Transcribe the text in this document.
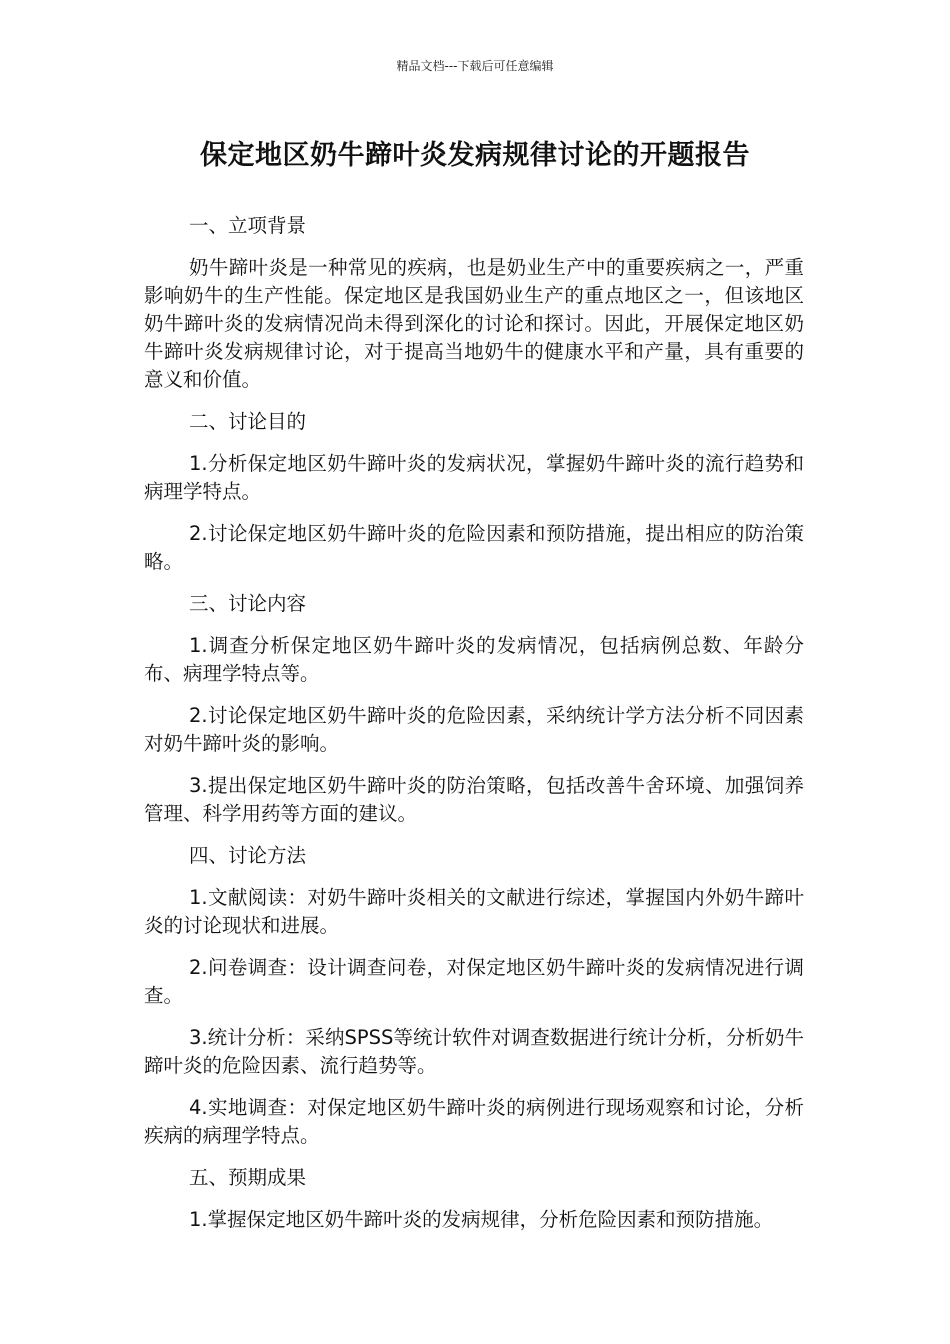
精品文档---下载后可任意编辑
保定地区奶牛蹄叶炎发病规律讨论的开题报告

一、立项背景

奶牛蹄叶炎是一种常见的疾病，也是奶业生产中的重要疾病之一，严重影响奶牛的生产性能。保定地区是我国奶业生产的重点地区之一，但该地区奶牛蹄叶炎的发病情况尚未得到深化的讨论和探讨。因此，开展保定地区奶牛蹄叶炎发病规律讨论，对于提高当地奶牛的健康水平和产量，具有重要的意义和价值。

二、讨论目的

1.分析保定地区奶牛蹄叶炎的发病状况，掌握奶牛蹄叶炎的流行趋势和病理学特点。

2.讨论保定地区奶牛蹄叶炎的危险因素和预防措施，提出相应的防治策略。

三、讨论内容

1.调查分析保定地区奶牛蹄叶炎的发病情况，包括病例总数、年龄分布、病理学特点等。

2.讨论保定地区奶牛蹄叶炎的危险因素，采纳统计学方法分析不同因素对奶牛蹄叶炎的影响。

3.提出保定地区奶牛蹄叶炎的防治策略，包括改善牛舍环境、加强饲养管理、科学用药等方面的建议。

四、讨论方法

1.文献阅读：对奶牛蹄叶炎相关的文献进行综述，掌握国内外奶牛蹄叶炎的讨论现状和进展。

2.问卷调查：设计调查问卷，对保定地区奶牛蹄叶炎的发病情况进行调查。

3.统计分析：采纳SPSS等统计软件对调查数据进行统计分析，分析奶牛蹄叶炎的危险因素、流行趋势等。

4.实地调查：对保定地区奶牛蹄叶炎的病例进行现场观察和讨论，分析疾病的病理学特点。

五、预期成果

1.掌握保定地区奶牛蹄叶炎的发病规律，分析危险因素和预防措施。
